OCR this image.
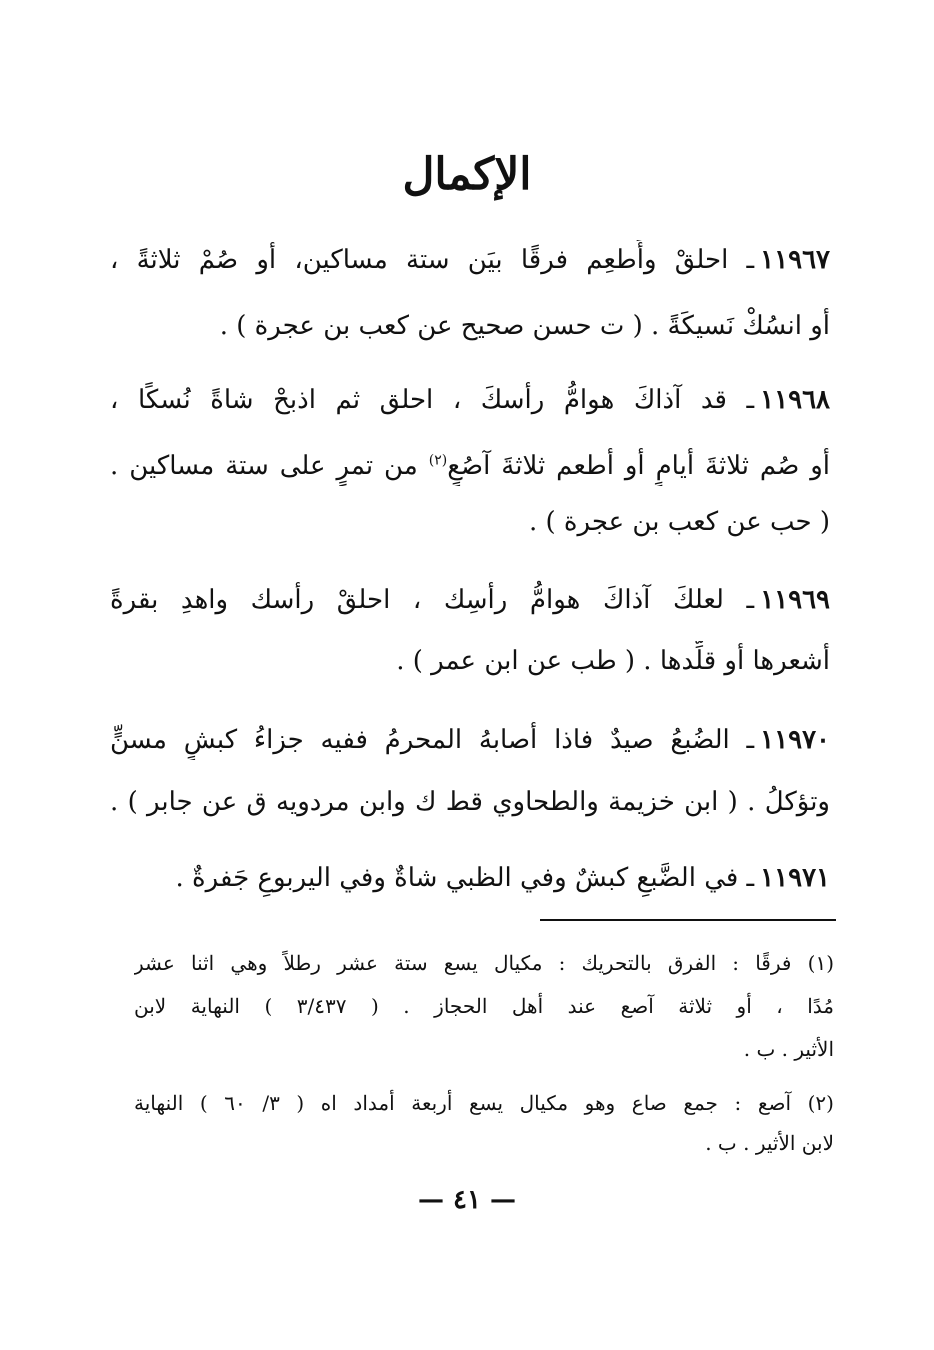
الإكمال
١١٩٦٧ـ احلقْ وأَطعِم فرقًا بيَن ستة مساكين، أو صُمْ ثلاثةً ،
أو انسُكْ نَسيكَةً . ( ت حسن صحيح عن كعب بن عجرة ) .
١١٩٦٨ـ قد آذاكَ هوامُّ رأسكَ ، احلق ثم اذبحْ شاةً نُسكًا ،
أو صُم ثلاثةَ أيامٍ أو أطعم ثلاثةَ آصُعٍ$^{(٢)}$ من تمرٍ على ستة مساكين .
( حب عن كعب بن عجرة ) .
١١٩٦٩ـ لعلكَ آذاكَ هوامُّ رأسِك ، احلقْ رأسك واهدِ بقرةً
أشعرها أو قلِّدها . ( طب عن ابن عمر ) .
١١٩٧٠ـ الضُبعُ صيدٌ فاذا أصابهُ المحرمُ ففيه جزاءُ كبشٍ مسنٍّ
وتؤكلُ . ( ابن خزيمة والطحاوي قط ك وابن مردويه ق عن جابر ) .
١١٩٧١ـ في الضَّبعِ كبشٌ وفي الظبي شاةٌ وفي اليربوعِ جَفرةٌ .
(١) فرقًا : الفرق بالتحريك : مكيال يسع ستة عشر رطلاً وهي اثنا عشر
مُدًا ، أو ثلاثة آصع عند أهل الحجاز . ( ٣/٤٣٧ ) النهاية لابن
الأثير . ب .
(٢) آصع : جمع صاع وهو مكيال يسع أربعة أمداد اه ( ٣/ ٦٠ ) النهاية
لابن الأثير . ب .
— ٤١ —
